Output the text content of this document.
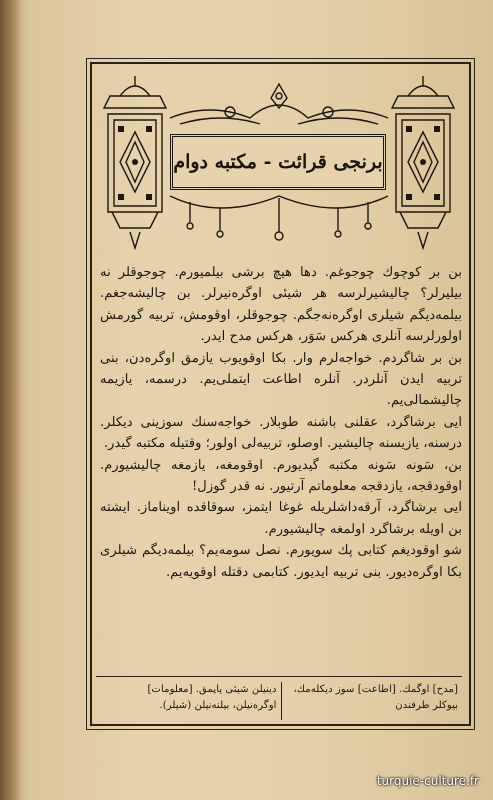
برنجی قرائت - مکتبه دوام

بن بر کوچوك چوجوغم. دها هیچ برشی بیلمیورم. چوجوقلر نه بیلیرلر؟ چالیشیرلرسه هر شیئی اوگره‌نیرلر. بن چالیشه‌جغم. بیلمه‌دیگم شیلری اوگره‌نه‌جگم. چوجوقلر، اوقومش، تربیه گورمش اولورلرسه آنلری هرکس سَوَر، هرکس مدح ایدر.

بن بر شاگردم. خواجه‌لرم وار. بکا اوقویوب یازمق اوگره‌دن، بنی تربیه ایدن آنلردر. آنلره اطاعت ایتملی‌یم. درسمه، یازیمه چالیشمالی‌یم.

ایی برشاگرد، عقلنی باشنه طوبلار. خواجه‌سنك سوزینی دیکلر. درسنه، یازیسنه چالیشیر. اوصلو، تربیه‌لی اولور؛ وقتیله مکتبه گیدر.

بن، سَونه سَونه مکتبه گیدیورم. اوقومغه، یازمغه چالیشیورم. اوقودقجه، یازدقجه معلوماتم آرتیور. نه قدر گوزل!

ایی برشاگرد، آرقه‌داشلریله غوغا ایتمز، سوقاقده اویناماز. ایشته بن اویله برشاگرد اولمغه چالیشیورم.

شو اوقودیغم کتابی پك سویورم. نصل سومه‌یم؟ بیلمه‌دیگم شیلری بکا اوگره‌دیور. بنی تربیه ایدیور. کتابمی دقتله اوقویه‌یم.

[مدح] اوگمك. [اطاعت] سوز دیکله‌مك، بیوکلر طرفندن
دینیلن شیئی یاپمق. [معلومات] اوگره‌نیلن، بیلنه‌نیلن (شیلر).
turquie-culture.fr
